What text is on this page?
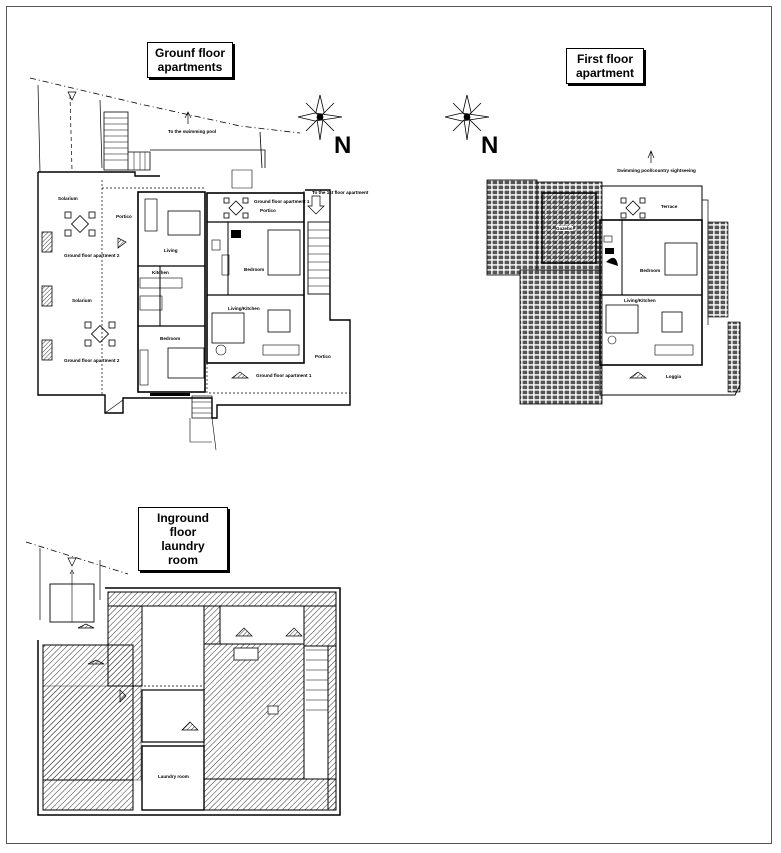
N	N
Grounf floor
apartments
First floor
apartment
Inground floor
laundry room
To the swimming pool
To the 1st floor apartment
Solarium
Solarium
Ground floor apartment 2
Ground floor apartment 2
Portico
Portico
Portico
Living
Kitchen
Bedroom
Bedroom
Living/Kitchen
Ground floor apartment 1
Ground floor apartment 1
Swimming pool/country sightseeing
Terrace
Bedroom
Living/Kitchen
Loggia
Gazebo
Laundry room
